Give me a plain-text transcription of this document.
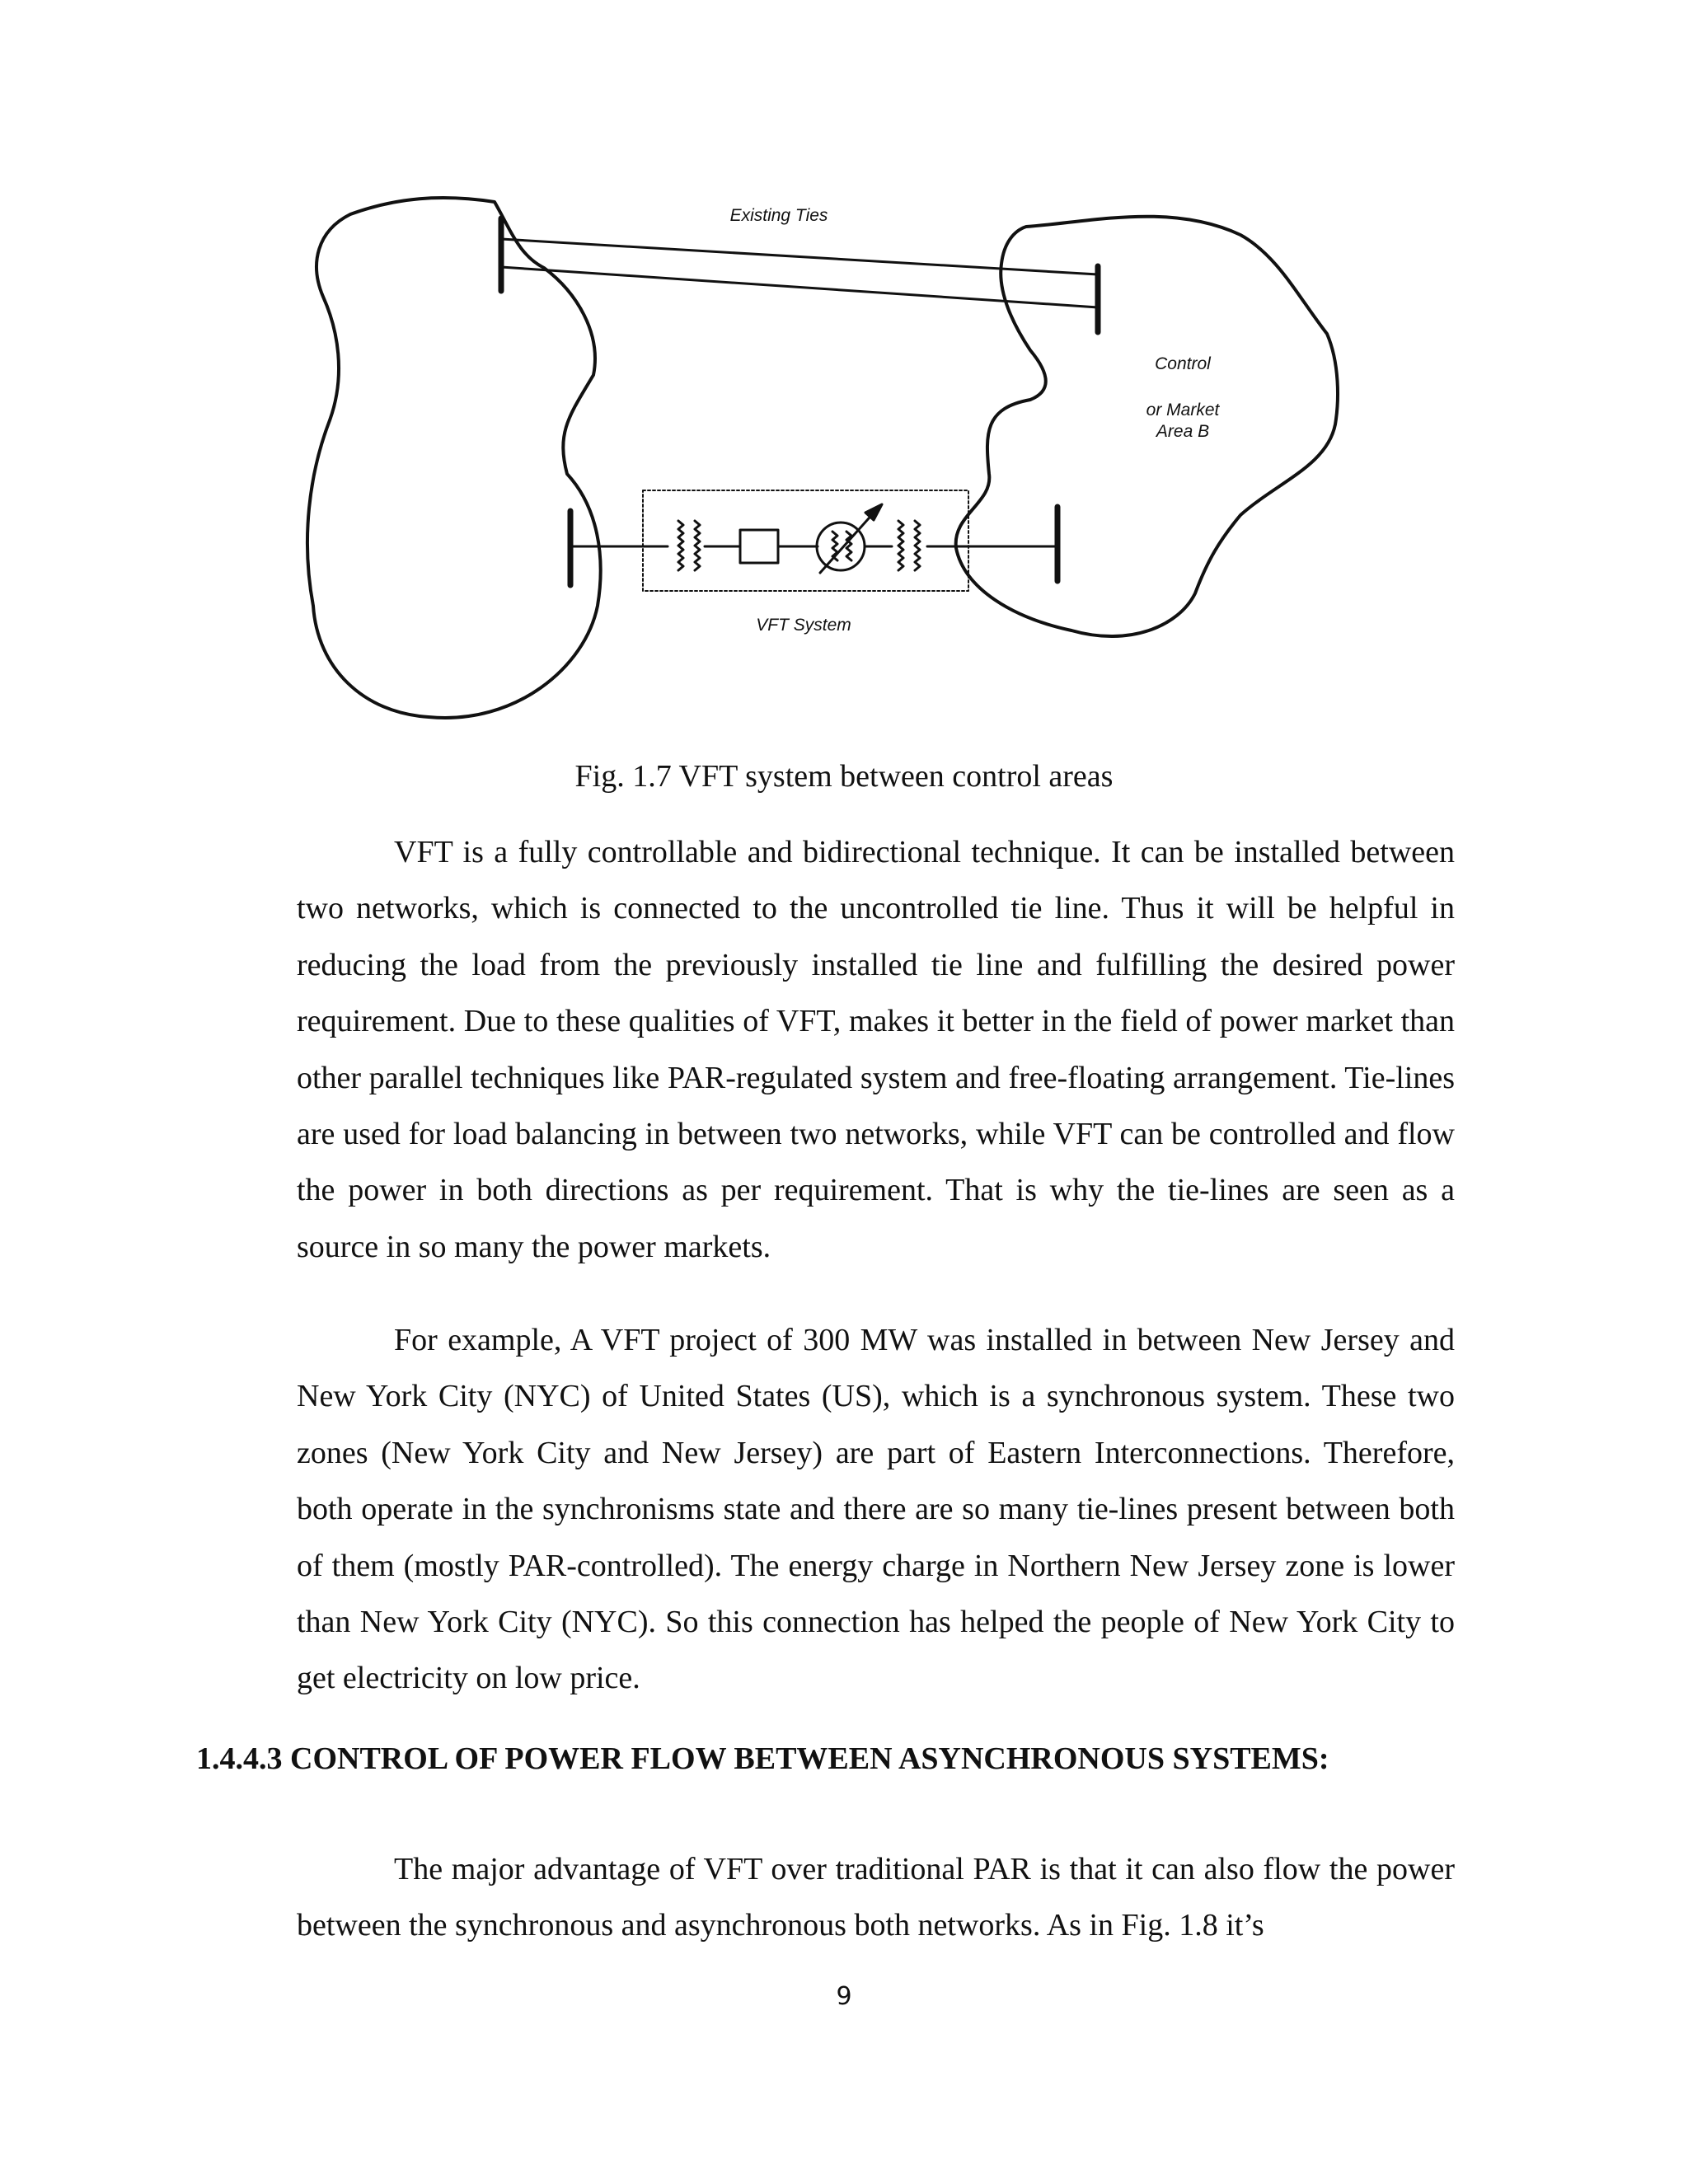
Existing Ties
Control
or Market
Area B
VFT System

Fig. 1.7 VFT system between control areas

VFT is a fully controllable and bidirectional technique. It can be installed between two networks, which is connected to the uncontrolled tie line. Thus it will be helpful in reducing the load from the previously installed tie line and fulfilling the desired power requirement. Due to these qualities of VFT, makes it better in the field of power market than other parallel techniques like PAR-regulated system and free-floating arrangement. Tie-lines are used for load balancing in between two networks, while VFT can be controlled and flow the power in both directions as per requirement. That is why the tie-lines are seen as a source in so many the power markets.

For example, A VFT project of 300 MW was installed in between New Jersey and New York City (NYC) of United States (US), which is a synchronous system. These two zones (New York City and New Jersey) are part of Eastern Interconnections. Therefore, both operate in the synchronisms state and there are so many tie-lines present between both of them (mostly PAR-controlled). The energy charge in Northern New Jersey zone is lower than New York City (NYC). So this connection has helped the people of New York City to get electricity on low price.

1.4.4.3 CONTROL OF POWER FLOW BETWEEN ASYNCHRONOUS SYSTEMS:

The major advantage of VFT over traditional PAR is that it can also flow the power between the synchronous and asynchronous both networks. As in Fig. 1.8 it’s

9
